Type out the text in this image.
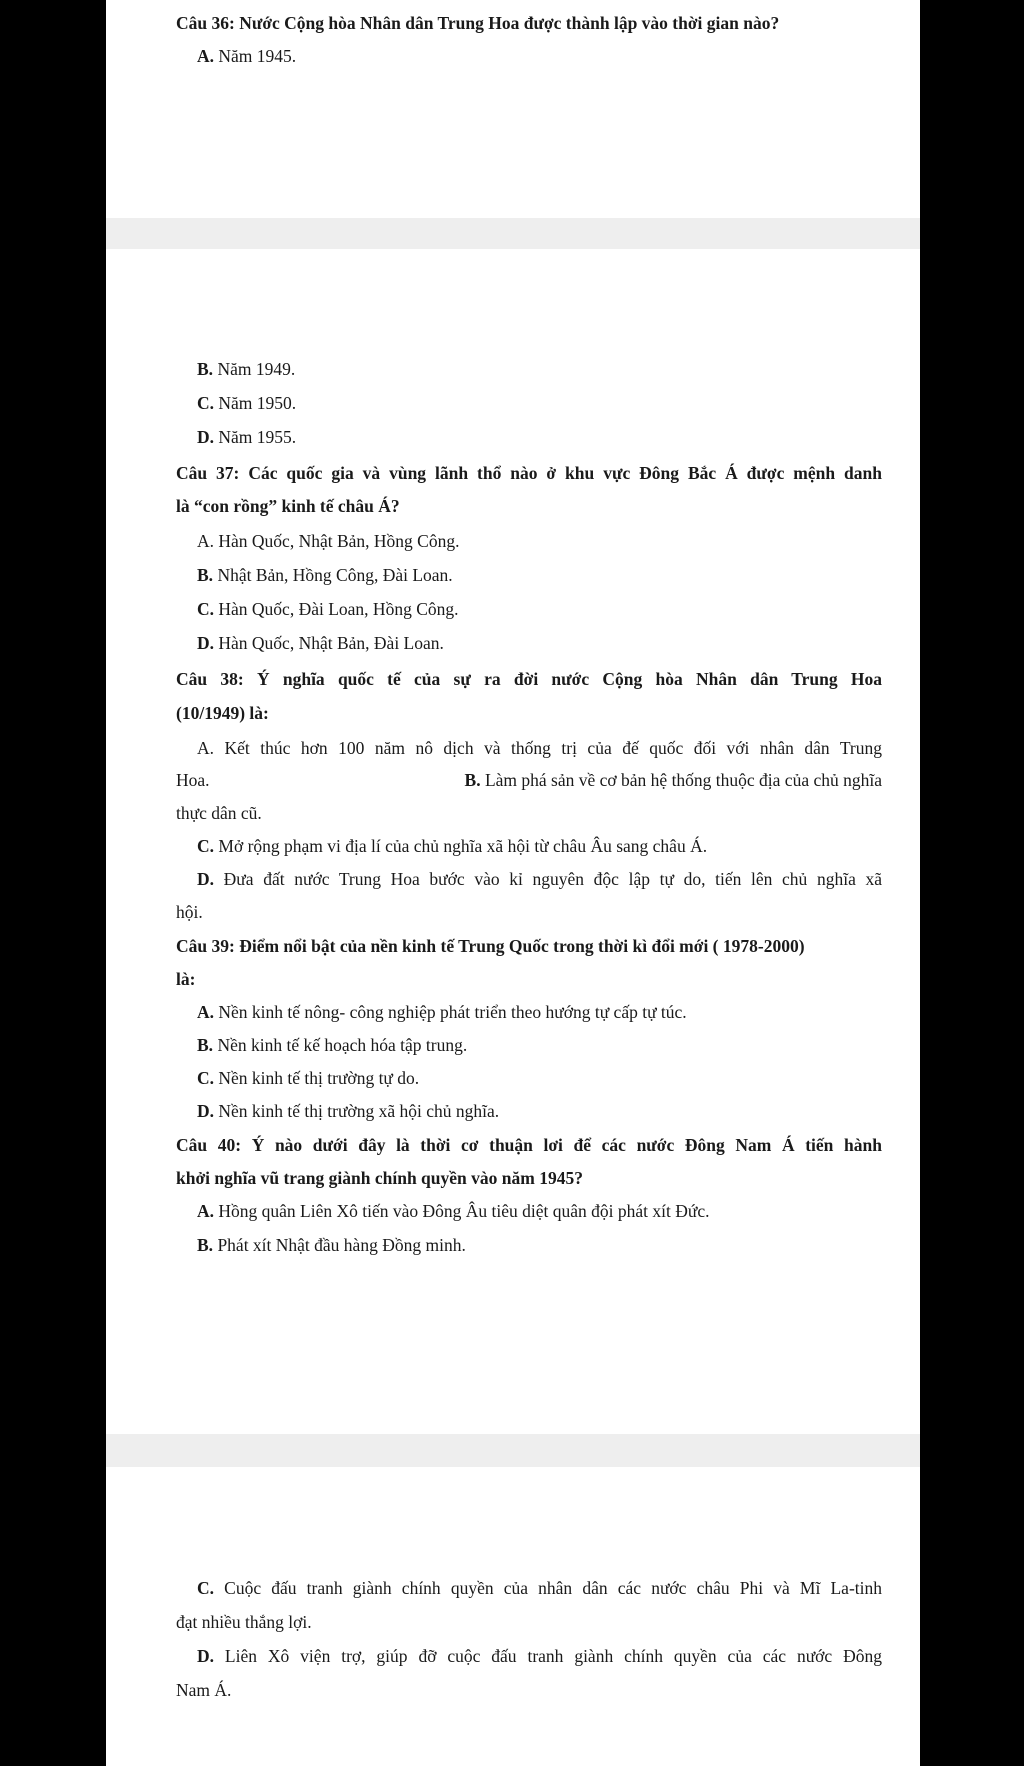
Câu 36: Nước Cộng hòa Nhân dân Trung Hoa được thành lập vào thời gian nào?
A. Năm 1945.
B. Năm 1949.
C. Năm 1950.
D. Năm 1955.
Câu 37: Các quốc gia và vùng lãnh thổ nào ở khu vực Đông Bắc Á được mệnh danh
là “con rồng” kinh tế châu Á?
A. Hàn Quốc, Nhật Bản, Hồng Công.
B. Nhật Bản, Hồng Công, Đài Loan.
C. Hàn Quốc, Đài Loan, Hồng Công.
D. Hàn Quốc, Nhật Bản, Đài Loan.
Câu 38: Ý nghĩa quốc tế của sự ra đời nước Cộng hòa Nhân dân Trung Hoa
(10/1949) là:
A. Kết thúc hơn 100 năm nô dịch và thống trị của đế quốc đối với nhân dân Trung
Hoa.	B. Làm phá sản về cơ bản hệ thống thuộc địa của chủ nghĩa
thực dân cũ.
C. Mở rộng phạm vi địa lí của chủ nghĩa xã hội từ châu Âu sang châu Á.
D. Đưa đất nước Trung Hoa bước vào kỉ nguyên độc lập tự do, tiến lên chủ nghĩa xã
hội.
Câu 39: Điểm nổi bật của nền kinh tế Trung Quốc trong thời kì đổi mới ( 1978-2000)
là:
A. Nền kinh tế nông- công nghiệp phát triển theo hướng tự cấp tự túc.
B. Nền kinh tế kế hoạch hóa tập trung.
C. Nền kinh tế thị trường tự do.
D. Nền kinh tế thị trường xã hội chủ nghĩa.
Câu 40: Ý nào dưới đây là thời cơ thuận lơi để các nước Đông Nam Á tiến hành
khởi nghĩa vũ trang giành chính quyền vào năm 1945?
A. Hồng quân Liên Xô tiến vào Đông Âu tiêu diệt quân đội phát xít Đức.
B. Phát xít Nhật đầu hàng Đồng minh.
C. Cuộc đấu tranh giành chính quyền của nhân dân các nước châu Phi và Mĩ La-tinh
đạt nhiều thắng lợi.
D. Liên Xô viện trợ, giúp đỡ cuộc đấu tranh giành chính quyền của các nước Đông
Nam Á.
